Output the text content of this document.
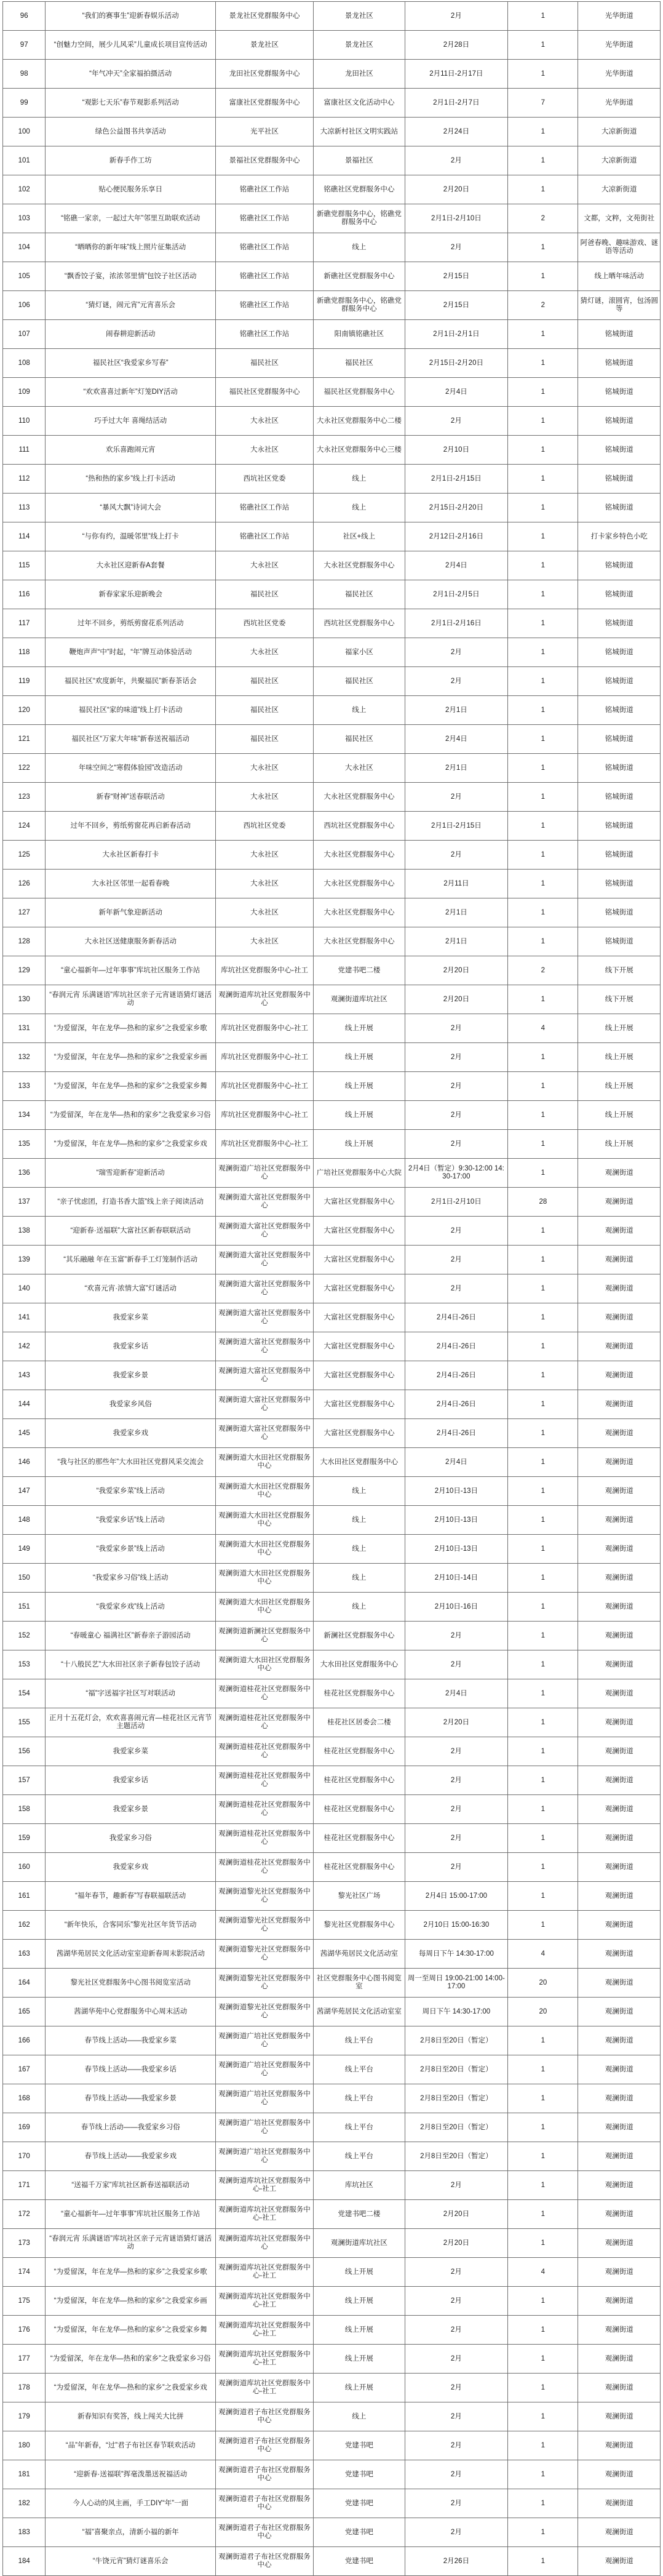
96	“我们的赛事生”迎新春娱乐活动	景龙社区党群服务中心	景龙社区	2月	1	光华街道
97	“创魅力空间，展少儿风采”儿童成长项目宣传活动	景龙社区	景龙社区	2月28日	1	光华街道
98	“年气冲天”全家福拍摄活动	龙田社区党群服务中心	龙田社区	2月11日-2月17日	1	光华街道
99	“观影七天乐”春节观影系列活动	富康社区党群服务中心	富康社区文化活动中心	2月1日-2月7日	7	光华街道
100	绿色公益图书共享活动	光平社区	大凉新村社区文明实践站	2月24日	1	大凉新街道
101	新春手作工坊	景福社区党群服务中心	景福社区	2月	1	大凉新街道
102	贴心便民服务乐享日	铭礁社区工作站	铭礁社区党群服务中心	2月20日	1	大凉新街道
103	“铭礁一家亲，一起过大年”邻里互助联欢活动	铭礁社区工作站	新礁党群服务中心，铭礁党群服务中心	2月1日-2月10日	2	文都，文粹，文苑街社
104	“晒晒你的新年味”线上照片征集活动	铭礁社区工作站	线上	2月	1	阿爸春晚、趣味游戏、谜语等活动
105	“飘香饺子宴，浓浓邻里情”包饺子社区活动	铭礁社区工作站	新礁社区党群服务中心	2月15日	1	线上晒年味活动
106	“猜灯谜，闹元宵”元宵喜乐会	铭礁社区工作站	新礁党群服务中心，铭礁党群服务中心	2月15日	2	猜灯谜，滚圆宵，包汤圆等
107	闹春耕迎新活动	铭礁社区工作站	阳南镇铭礁社区	2月1日-2月1日	1	铭城街道
108	福民社区“我爱家乡写春”	福民社区	福民社区	2月15日-2月20日	1	铭城街道
109	“欢欢喜喜过新年”灯笼DIY活动	福民社区党群服务中心	福民社区党群服务中心	2月4日	1	铭城街道
110	巧手过大年 喜绳结活动	大永社区	大永社区党群服务中心二楼	2月	1	铭城街道
111	欢乐喜跑闹元宵	大永社区	大永社区党群服务中心三楼	2月10日	1	铭城街道
112	“热和热的家乡”线上打卡活动	西坑社区党委	线上	2月1日-2月15日	1	铭城街道
113	“暴风大飘”诗词大会	铭礁社区工作站	线上	2月15日-2月20日	1	铭城街道
114	“与你有约，温暖邻里”线上打卡	铭礁社区工作站	社区+线上	2月12日-2月16日	1	打卡家乡特色小吃
115	大永社区迎新春A套餐	大永社区	大永社区党群服务中心	2月4日	1	铭城街道
116	新春家家乐迎新晚会	福民社区	福民社区	2月1日-2月5日	1	铭城街道
117	过年不回乡，剪纸剪窗花系列活动	西坑社区党委	西坑社区党群服务中心	2月1日-2月16日	1	铭城街道
118	鞭炮声声“中”时起，“年”牌互动体验活动	大永社区	福家小区	2月	1	铭城街道
119	福民社区“欢度新年，共聚福民”新春茶话会	福民社区	福民社区	2月	1	铭城街道
120	福民社区“家的味道”线上打卡活动	福民社区	线上	2月1日	1	铭城街道
121	福民社区“万家大年味”新春送祝福活动	福民社区	福民社区	2月4日	1	铭城街道
122	年味空间之“寒假体验园”改造活动	大永社区	大永社区	2月1日	1	铭城街道
123	新春“财神”送春联活动	大永社区	大永社区党群服务中心	2月	1	铭城街道
124	过年不回乡，剪纸剪窗花再启新春活动	西坑社区党委	西坑社区党群服务中心	2月1日-2月15日	1	铭城街道
125	大永社区新春打卡	大永社区	大永社区党群服务中心	2月	1	铭城街道
126	大永社区邻里一起看春晚	大永社区	大永社区党群服务中心	2月11日	1	铭城街道
127	新年新气象迎新活动	大永社区	大永社区党群服务中心	2月1日	1	铭城街道
128	大永社区送健康服务新春活动	大永社区	大永社区党群服务中心	2月1日	1	铭城街道
129	“童心福新年—过年事事”库坑社区服务工作站	库坑社区党群服务中心-社工	党建书吧二楼	2月20日	2	线下开展
130	“春润元宵 乐满谜语”库坑社区亲子元宵谜语猜灯谜活动	观澜街道库坑社区党群服务中心	观澜街道库坑社区	2月20日	1	线下开展
131	“为爱留深，年在龙华—热和的家乡”之我爱家乡歌	库坑社区党群服务中心-社工	线上开展	2月	4	线上开展
132	“为爱留深，年在龙华—热和的家乡”之我爱家乡画	库坑社区党群服务中心-社工	线上开展	2月	1	线上开展
133	“为爱留深，年在龙华—热和的家乡”之我爱家乡舞	库坑社区党群服务中心-社工	线上开展	2月	1	线上开展
134	“为爱留深，年在龙华—热和的家乡”之我爱家乡习俗	库坑社区党群服务中心-社工	线上开展	2月	1	线上开展
135	“为爱留深，年在龙华—热和的家乡”之我爱家乡戏	库坑社区党群服务中心-社工	线上开展	2月	1	线上开展
136	“瑞雪迎新春”迎新活动	观澜街道广培社区党群服务中心	广培社区党群服务中心大院	2月4日（暂定）9:30-12:00 14:30-17:00	1	观澜街道
137	“亲子忧虑团，打造书香大篮”线上亲子阅读活动	观澜街道大富社区党群服务中心	大富社区党群服务中心	2月1日-2月10日	28	观澜街道
138	“迎新春·送福联”大富社区新春联联活动	观澜街道大富社区党群服务中心	大富社区党群服务中心	2月	1	观澜街道
139	“其乐融融 年在玉富”新春手工灯笼制作活动	观澜街道大富社区党群服务中心	大富社区党群服务中心	2月	1	观澜街道
140	“欢喜元宵·浓情大富”灯谜活动	观澜街道大富社区党群服务中心	大富社区党群服务中心	2月	1	观澜街道
141	我爱家乡菜	观澜街道大富社区党群服务中心	大富社区党群服务中心	2月4日-26日	1	观澜街道
142	我爱家乡话	观澜街道大富社区党群服务中心	大富社区党群服务中心	2月4日-26日	1	观澜街道
143	我爱家乡景	观澜街道大富社区党群服务中心	大富社区党群服务中心	2月4日-26日	1	观澜街道
144	我爱家乡风俗	观澜街道大富社区党群服务中心	大富社区党群服务中心	2月4日-26日	1	观澜街道
145	我爱家乡戏	观澜街道大富社区党群服务中心	大富社区党群服务中心	2月4日-26日	1	观澜街道
146	“我与社区的那些年”大水田社区党群风采交流会	观澜街道大水田社区党群服务中心	大水田社区党群服务中心	2月4日	1	观澜街道
147	“我爱家乡菜”线上活动	观澜街道大水田社区党群服务中心	线上	2月10日-13日	1	观澜街道
148	“我爱家乡话”线上活动	观澜街道大水田社区党群服务中心	线上	2月10日-13日	1	观澜街道
149	“我爱家乡景”线上活动	观澜街道大水田社区党群服务中心	线上	2月10日-13日	1	观澜街道
150	“我爱家乡习俗”线上活动	观澜街道大水田社区党群服务中心	线上	2月10日-14日	1	观澜街道
151	“我爱家乡戏”线上活动	观澜街道大水田社区党群服务中心	线上	2月10日-16日	1	观澜街道
152	“春暖童心 福满社区”新春亲子游园活动	观澜街道新澜社区党群服务中心	新澜社区党群服务中心	2月	1	观澜街道
153	“十八般民艺”大水田社区亲子新春包饺子活动	观澜街道大水田社区党群服务中心	大水田社区党群服务中心	2月	1	观澜街道
154	“福”字送福字社区写对联活动	观澜街道桂花社区党群服务中心	桂花社区党群服务中心	2月4日	1	观澜街道
155	正月十五花灯会，欢欢喜喜闹元宵—桂花社区元宵节主题活动	观澜街道桂花社区党群服务中心	桂花社区居委会二楼	2月20日	1	观澜街道
156	我爱家乡菜	观澜街道桂花社区党群服务中心	桂花社区党群服务中心	2月	1	观澜街道
157	我爱家乡话	观澜街道桂花社区党群服务中心	桂花社区党群服务中心	2月	1	观澜街道
158	我爱家乡景	观澜街道桂花社区党群服务中心	桂花社区党群服务中心	2月	1	观澜街道
159	我爱家乡习俗	观澜街道桂花社区党群服务中心	桂花社区党群服务中心	2月	1	观澜街道
160	我爱家乡戏	观澜街道桂花社区党群服务中心	桂花社区党群服务中心	2月	1	观澜街道
161	“福年春节，趣新春”写春联福联活动	观澜街道黎光社区党群服务中心	黎光社区广场	2月4日 15:00-17:00	1	观澜街道
162	“新年快乐，合客同乐”黎光社区年货节活动	观澜街道黎光社区党群服务中心	黎光社区党群服务中心	2月10日 15:00-16:30	1	观澜街道
163	茜湖华苑居民文化活动室室迎新春周末影院活动	观澜街道黎光社区党群服务中心	茜湖华苑居民文化活动室	每周日下午 14:30-17:00	4	观澜街道
164	黎光社区党群服务中心图书阅览室活动	观澜街道黎光社区党群服务中心	社区党群服务中心图书阅览室	周一至周日 19:00-21:00 14:00-17:00	20	观澜街道
165	茜湖华苑中心党群服务中心周末活动	观澜街道黎光社区党群服务中心	茜湖华苑居民文化活动室室	周日下午 14:30-17:00	20	观澜街道
166	春节线上活动——我爱家乡菜	观澜街道广培社区党群服务中心	线上平台	2月8日至20日（暂定）	1	观澜街道
167	春节线上活动——我爱家乡话	观澜街道广培社区党群服务中心	线上平台	2月8日至20日（暂定）	1	观澜街道
168	春节线上活动——我爱家乡景	观澜街道广培社区党群服务中心	线上平台	2月8日至20日（暂定）	1	观澜街道
169	春节线上活动——我爱家乡习俗	观澜街道广培社区党群服务中心	线上平台	2月8日至20日（暂定）	1	观澜街道
170	春节线上活动——我爱家乡戏	观澜街道广培社区党群服务中心	线上平台	2月8日至20日（暂定）	1	观澜街道
171	“送福千万家”库坑社区新春送福联活动	观澜街道库坑社区党群服务中心-社工	库坑社区	2月	1	观澜街道
172	“童心福新年—过年事事”库坑社区服务工作站	观澜街道库坑社区党群服务中心-社工	党建书吧二楼	2月20日	1	观澜街道
173	“春润元宵 乐满谜语”库坑社区亲子元宵谜语猜灯谜活动	观澜街道库坑社区党群服务中心	观澜街道库坑社区	2月20日	1	观澜街道
174	“为爱留深，年在龙华—热和的家乡”之我爱家乡歌	观澜街道库坑社区党群服务中心-社工	线上开展	2月	4	观澜街道
175	“为爱留深，年在龙华—热和的家乡”之我爱家乡画	观澜街道库坑社区党群服务中心-社工	线上开展	2月	1	观澜街道
176	“为爱留深，年在龙华—热和的家乡”之我爱家乡舞	观澜街道库坑社区党群服务中心-社工	线上开展	2月	1	观澜街道
177	“为爱留深，年在龙华—热和的家乡”之我爱家乡习俗	观澜街道库坑社区党群服务中心-社工	线上开展	2月	1	观澜街道
178	“为爱留深，年在龙华—热和的家乡”之我爱家乡戏	观澜街道库坑社区党群服务中心-社工	线上开展	2月	1	观澜街道
179	新春知识有奖答，线上闯关大比拼	观澜街道君子布社区党群服务中心	线上	2月	1	观澜街道
180	“品”年新春，“过”君子布社区春节联欢活动	观澜街道君子布社区党群服务中心	党建书吧	2月	1	观澜街道
181	“迎新春·送福联”挥毫泼墨送祝福活动	观澜街道君子布社区党群服务中心	党建书吧	2月	1	观澜街道
182	今人心动的风主画，手工DIY“年”一面	观澜街道君子布社区党群服务中心	党建书吧	2月	1	观澜街道
183	“福”喜聚亲点，清新小福的新年	观澜街道君子布社区党群服务中心	党建书吧	2月	1	观澜街道
184	“牛饶元宵”猜灯谜喜乐会	观澜街道君子布社区党群服务中心	党建书吧	2月26日	1	观澜街道
